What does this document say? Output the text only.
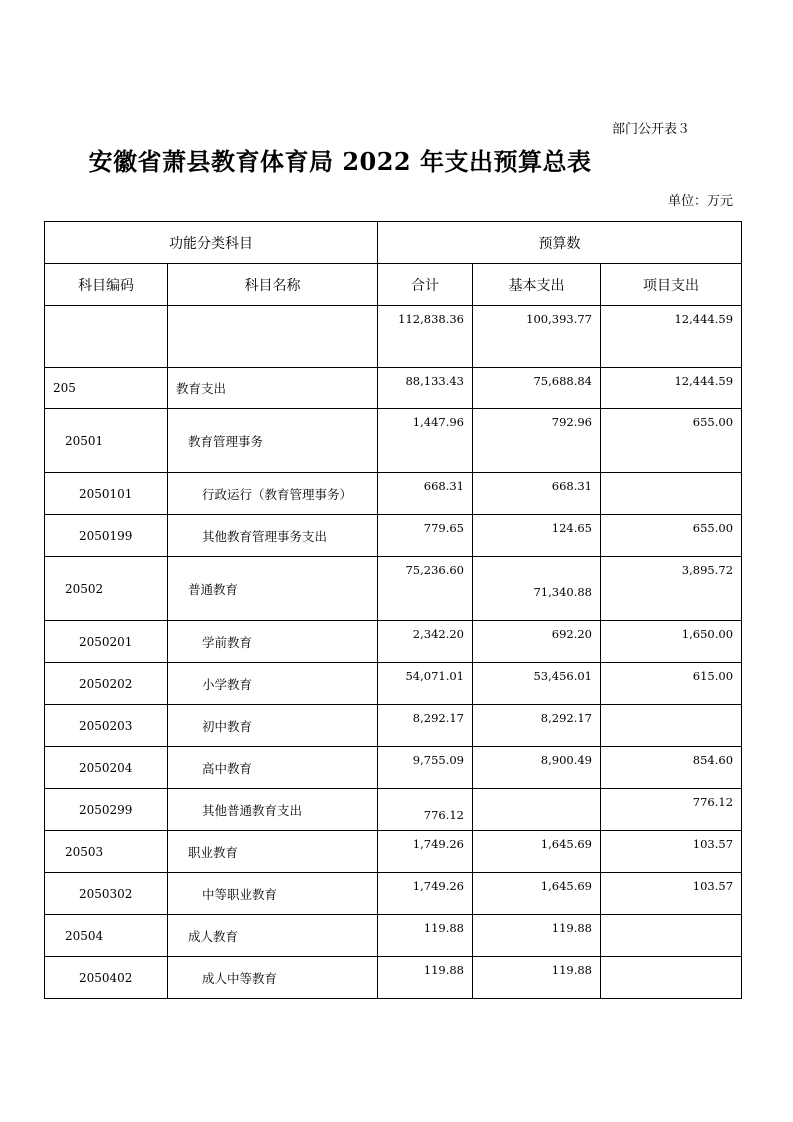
部门公开表３
安徽省萧县教育体育局 2022 年支出预算总表
单位：万元
功能分类科目		预算数		
科目编码	科目名称	合计	基本支出	项目支出
		112,838.36	100,393.77	12,444.59
205	教育支出	88,133.43	75,688.84	12,444.59
20501	教育管理事务	1,447.96	792.96	655.00
2050101	行政运行（教育管理事务）	668.31	668.31	
2050199	其他教育管理事务支出	779.65	124.65	655.00
20502	普通教育	75,236.60	71,340.88	3,895.72
2050201	学前教育	2,342.20	692.20	1,650.00
2050202	小学教育	54,071.01	53,456.01	615.00
2050203	初中教育	8,292.17	8,292.17	
2050204	高中教育	9,755.09	8,900.49	854.60
2050299	其他普通教育支出	776.12		776.12
20503	职业教育	1,749.26	1,645.69	103.57
2050302	中等职业教育	1,749.26	1,645.69	103.57
20504	成人教育	119.88	119.88	
2050402	成人中等教育	119.88	119.88	
